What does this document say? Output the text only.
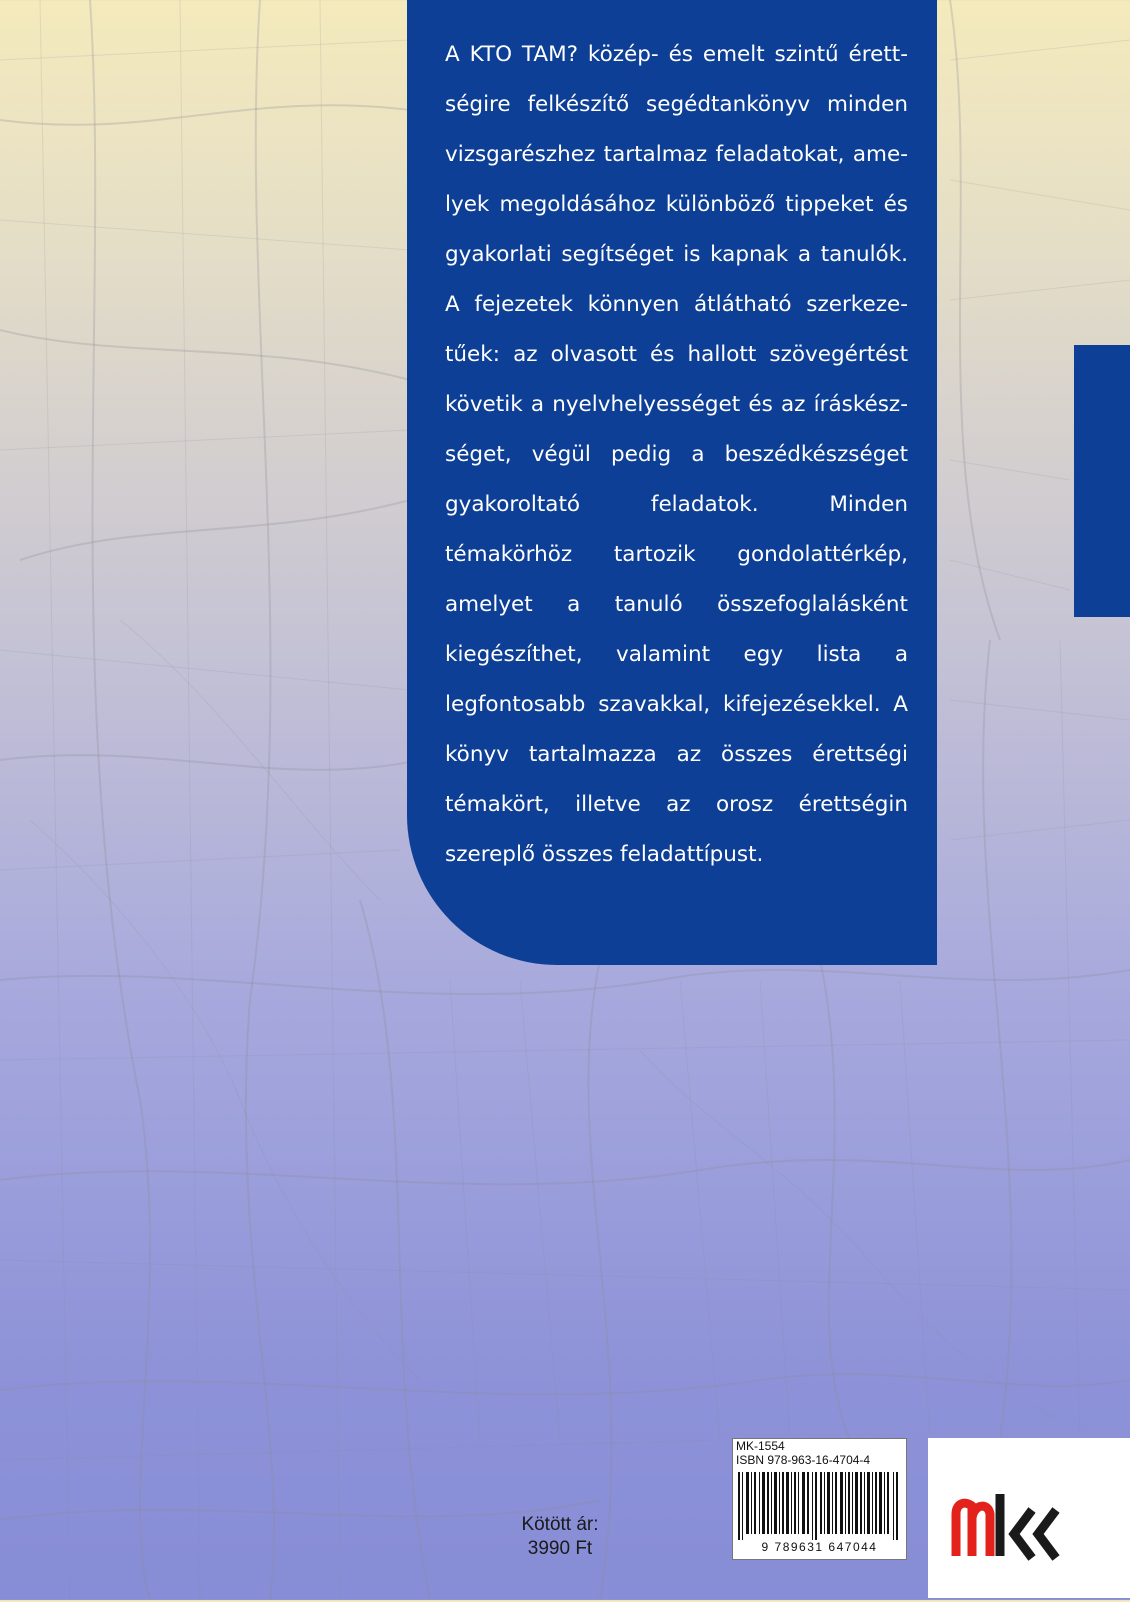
A KTO TAM? közép- és emelt szintű érettségire felkészítő segédtankönyv minden vizsgarészhez tartalmaz feladatokat, amelyek megoldásához különböző tippeket és gyakorlati segítséget is kapnak a tanulók. A fejezetek könnyen átlátható szerkezetűek: az olvasott és hallott szövegértést követik a nyelvhelyességet és az íráskészséget, végül pedig a beszédkészséget gyakoroltató feladatok. Minden témakörhöz tartozik gondolattérkép, amelyet a tanuló összefoglalásként kiegészíthet, valamint egy lista a legfontosabb szavakkal, kifejezésekkel. A könyv tartalmazza az összes érettségi témakört, illetve az orosz érettségin szereplő összes feladattípust.

Kötött ár:
3990 Ft
MK-1554
ISBN 978-963-16-4704-4
9 789631 647044
